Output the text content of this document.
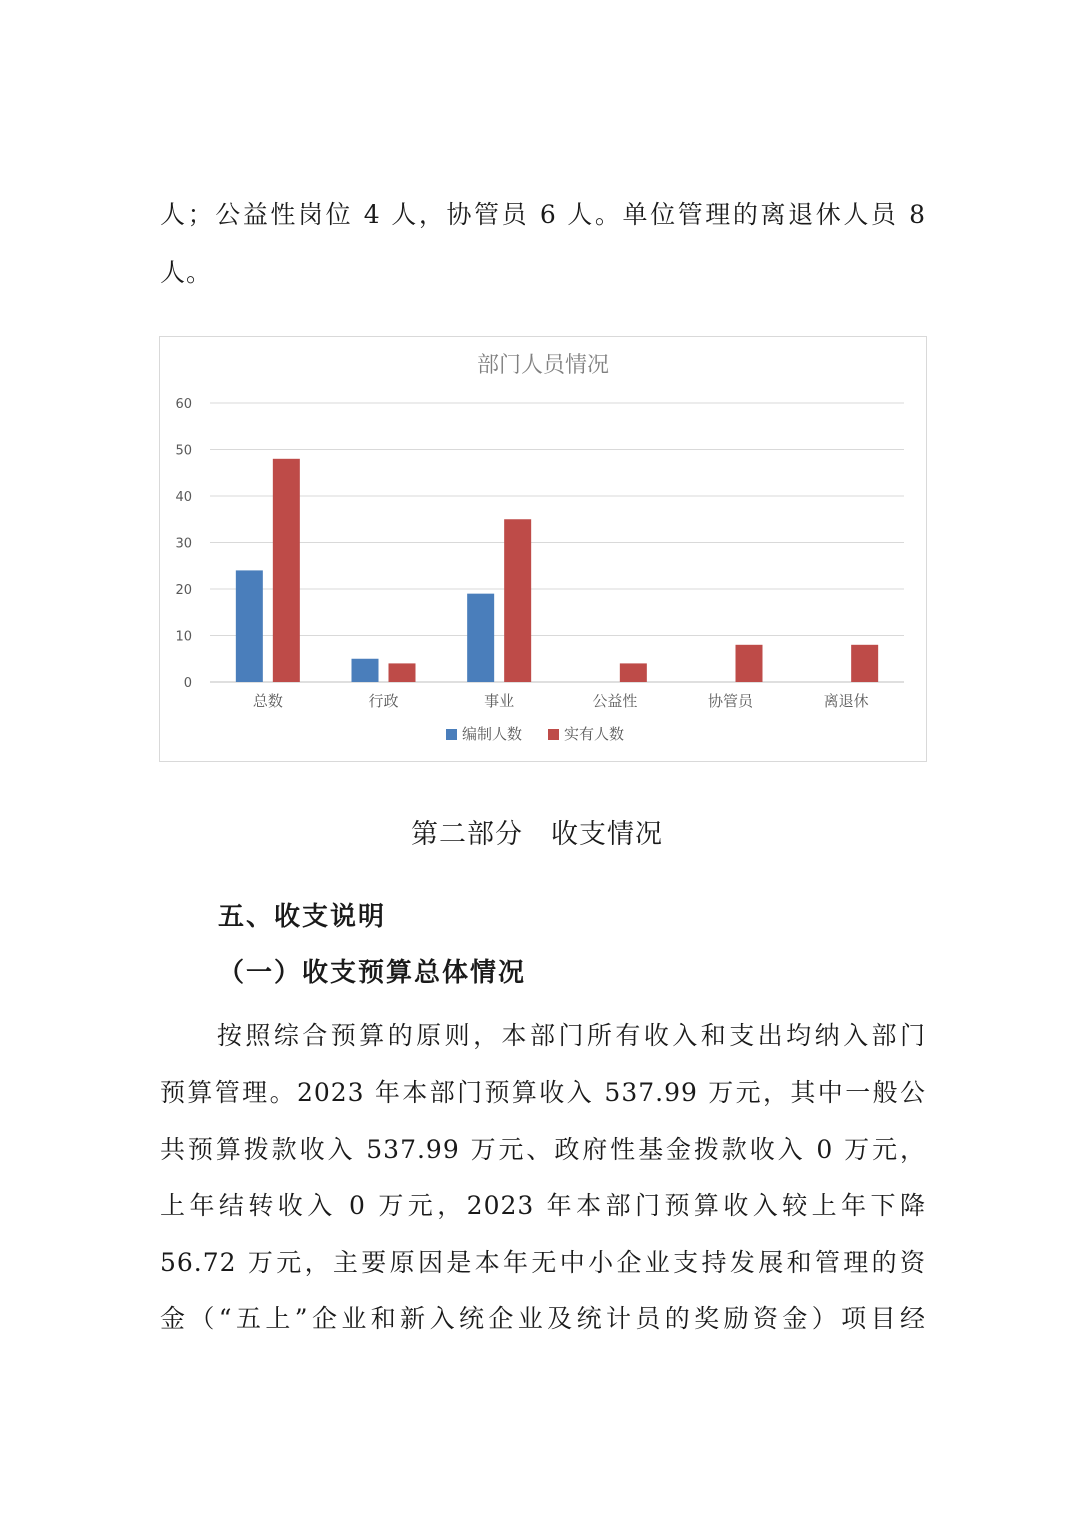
人；公益性岗位 4 人，协管员 6 人。单位管理的离退休人员 8

人。

部门人员情况
0
10
20
30
40
50
60
总数	行政	事业	公益性	协管员	离退休
编制人数	实有人数

第二部分　收支情况

五、收支说明

（一）收支预算总体情况

　　按照综合预算的原则，本部门所有收入和支出均纳入部门

预算管理。2023 年本部门预算收入 537.99 万元，其中一般公

共预算拨款收入 537.99 万元、政府性基金拨款收入 0 万元，

上年结转收入 0 万元，2023 年本部门预算收入较上年下降

56.72 万元，主要原因是本年无中小企业支持发展和管理的资

金（“五上”企业和新入统企业及统计员的奖励资金）项目经
